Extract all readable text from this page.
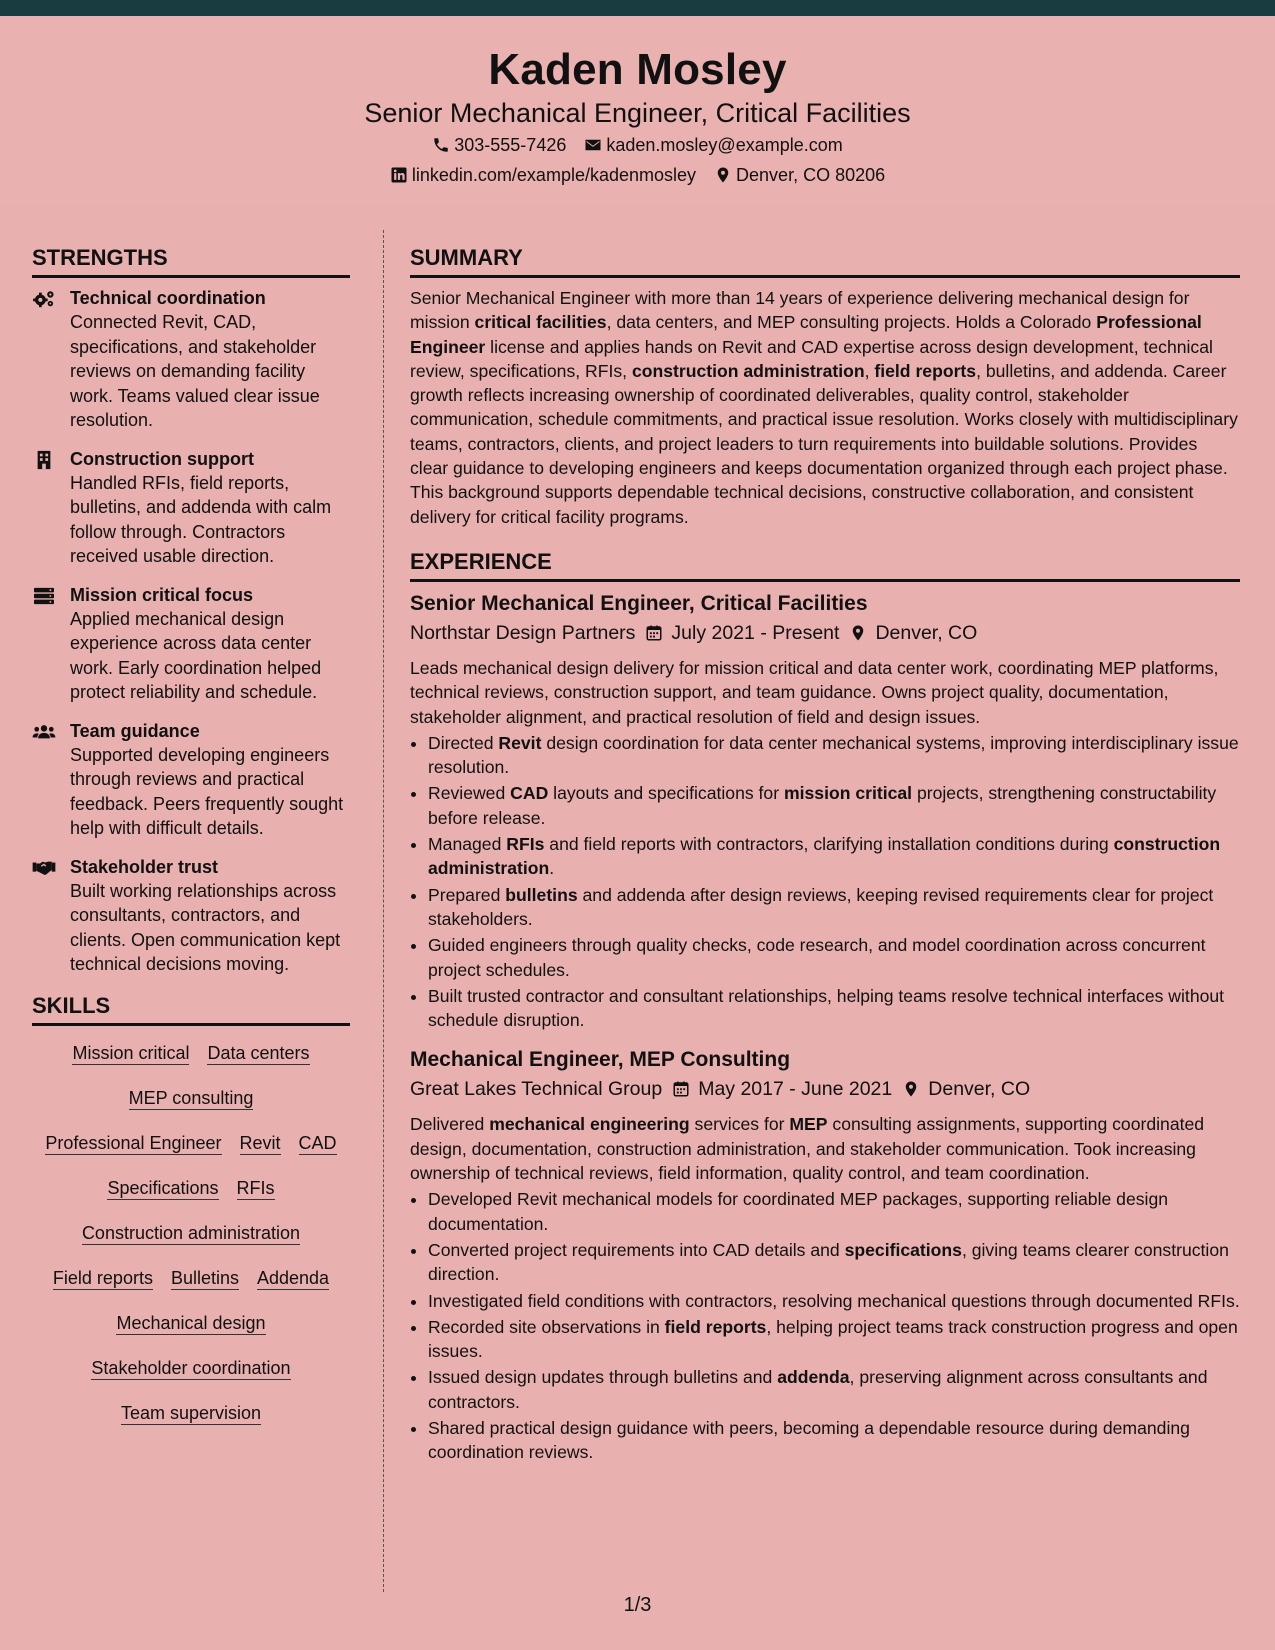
Kaden Mosley
Senior Mechanical Engineer, Critical Facilities
303-555-7426 kaden.mosley@example.com
linkedin.com/example/kadenmosley Denver, CO 80206
STRENGTHS
Technical coordination
Connected Revit, CAD, specifications, and stakeholder reviews on demanding facility work. Teams valued clear issue resolution.
Construction support
Handled RFIs, field reports, bulletins, and addenda with calm follow through. Contractors received usable direction.
Mission critical focus
Applied mechanical design experience across data center work. Early coordination helped protect reliability and schedule.
Team guidance
Supported developing engineers through reviews and practical feedback. Peers frequently sought help with difficult details.
Stakeholder trust
Built working relationships across consultants, contractors, and clients. Open communication kept technical decisions moving.
SKILLS
Mission critical Data centers
MEP consulting
Professional Engineer Revit CAD
Specifications RFIs
Construction administration
Field reports Bulletins Addenda
Mechanical design
Stakeholder coordination
Team supervision
SUMMARY

Senior Mechanical Engineer with more than 14 years of experience delivering mechanical design for mission critical facilities, data centers, and MEP consulting projects. Holds a Colorado Professional Engineer license and applies hands on Revit and CAD expertise across design development, technical review, specifications, RFIs, construction administration, field reports, bulletins, and addenda. Career growth reflects increasing ownership of coordinated deliverables, quality control, stakeholder communication, schedule commitments, and practical issue resolution. Works closely with multidisciplinary teams, contractors, clients, and project leaders to turn requirements into buildable solutions. Provides clear guidance to developing engineers and keeps documentation organized through each project phase. This background supports dependable technical decisions, constructive collaboration, and consistent delivery for critical facility programs.

EXPERIENCE
Senior Mechanical Engineer, Critical Facilities
Northstar Design Partners July 2021 - Present Denver, CO

Leads mechanical design delivery for mission critical and data center work, coordinating MEP platforms, technical reviews, construction support, and team guidance. Owns project quality, documentation, stakeholder alignment, and practical resolution of field and design issues.

• Directed Revit design coordination for data center mechanical systems, improving interdisciplinary issue resolution.
• Reviewed CAD layouts and specifications for mission critical projects, strengthening constructability before release.
• Managed RFIs and field reports with contractors, clarifying installation conditions during construction administration.
• Prepared bulletins and addenda after design reviews, keeping revised requirements clear for project stakeholders.
• Guided engineers through quality checks, code research, and model coordination across concurrent project schedules.
• Built trusted contractor and consultant relationships, helping teams resolve technical interfaces without schedule disruption.
Mechanical Engineer, MEP Consulting
Great Lakes Technical Group May 2017 - June 2021 Denver, CO

Delivered mechanical engineering services for MEP consulting assignments, supporting coordinated design, documentation, construction administration, and stakeholder communication. Took increasing ownership of technical reviews, field information, quality control, and team coordination.

• Developed Revit mechanical models for coordinated MEP packages, supporting reliable design documentation.
• Converted project requirements into CAD details and specifications, giving teams clearer construction direction.
• Investigated field conditions with contractors, resolving mechanical questions through documented RFIs.
• Recorded site observations in field reports, helping project teams track construction progress and open issues.
• Issued design updates through bulletins and addenda, preserving alignment across consultants and contractors.
• Shared practical design guidance with peers, becoming a dependable resource during demanding coordination reviews.
1/3
